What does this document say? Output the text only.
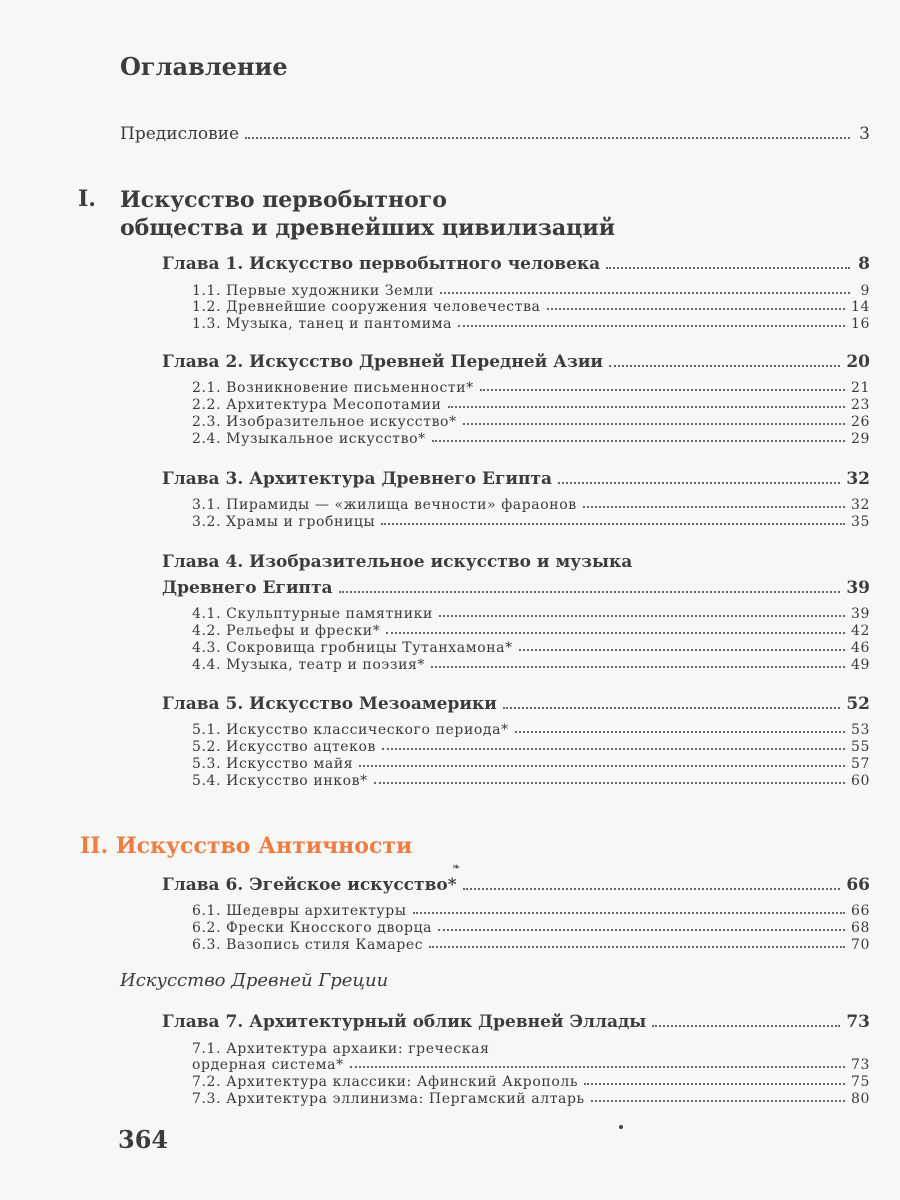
Оглавление
Предисловие	3
I. Искусство первобытного
общества и древнейших цивилизаций
Глава 1. Искусство первобытного человека	8
1.1. Первые художники Земли	9
1.2. Древнейшие сооружения человечества	14
1.3. Музыка, танец и пантомима	16
Глава 2. Искусство Древней Передней Азии	20
2.1. Возникновение письменности*	21
2.2. Архитектура Месопотамии	23
2.3. Изобразительное искусство*	26
2.4. Музыкальное искусство*	29
Глава 3. Архитектура Древнего Египта	32
3.1. Пирамиды — «жилища вечности» фараонов	32
3.2. Храмы и гробницы	35
Глава 4. Изобразительное искусство и музыка
Древнего Египта	39
4.1. Скульптурные памятники	39
4.2. Рельефы и фрески*	42
4.3. Сокровища гробницы Тутанхамона*	46
4.4. Музыка, театр и поэзия*	49
Глава 5. Искусство Мезоамерики	52
5.1. Искусство классического периода*	53
5.2. Искусство ацтеков	55
5.3. Искусство майя	57
5.4. Искусство инков*	60
II. Искусство Античности
❧
Глава 6. Эгейское искусство*	66
6.1. Шедевры архитектуры	66
6.2. Фрески Кносского дворца	68
6.3. Вазопись стиля Камарес	70
Искусство Древней Греции
Глава 7. Архитектурный облик Древней Эллады	73
7.1. Архитектура архаики: греческая
ордерная система*	73
7.2. Архитектура классики: Афинский Акрополь	75
7.3. Архитектура эллинизма: Пергамский алтарь	80
364
